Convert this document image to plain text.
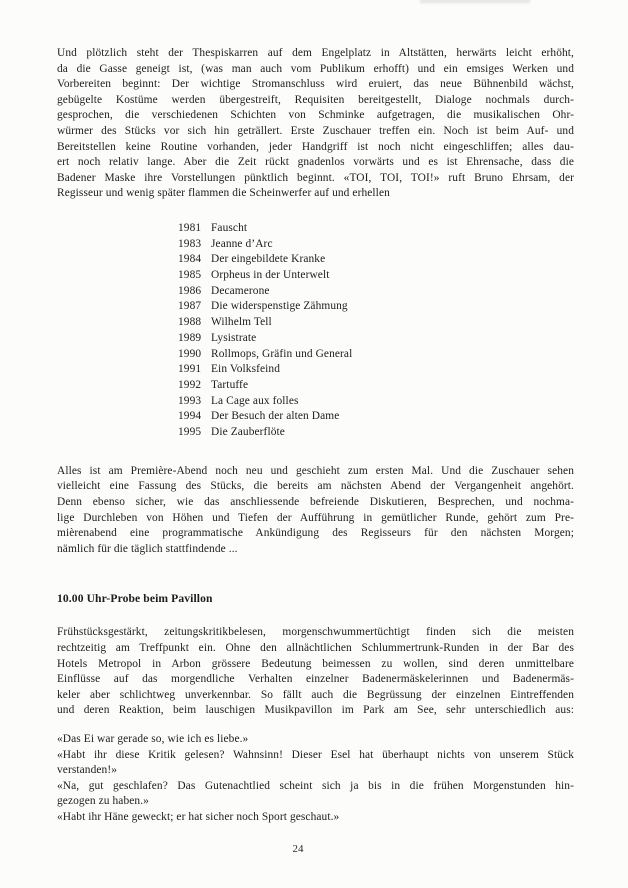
Und plötzlich steht der Thespiskarren auf dem Engelplatz in Altstätten, herwärts leicht erhöht,
da die Gasse geneigt ist, (was man auch vom Publikum erhofft) und ein emsiges Werken und
Vorbereiten beginnt: Der wichtige Stromanschluss wird eruiert, das neue Bühnenbild wächst,
gebügelte Kostüme werden übergestreift, Requisiten bereitgestellt, Dialoge nochmals durch-
gesprochen, die verschiedenen Schichten von Schminke aufgetragen, die musikalischen Ohr-
würmer des Stücks vor sich hin geträllert. Erste Zuschauer treffen ein. Noch ist beim Auf- und
Bereitstellen keine Routine vorhanden, jeder Handgriff ist noch nicht eingeschliffen; alles dau-
ert noch relativ lange. Aber die Zeit rückt gnadenlos vorwärts und es ist Ehrensache, dass die
Badener Maske ihre Vorstellungen pünktlich beginnt. «TOI, TOI, TOI!» ruft Bruno Ehrsam, der
Regisseur und wenig später flammen die Scheinwerfer auf und erhellen
1981 Fauscht
1983 Jeanne d’Arc
1984 Der eingebildete Kranke
1985 Orpheus in der Unterwelt
1986 Decamerone
1987 Die widerspenstige Zähmung
1988 Wilhelm Tell
1989 Lysistrate
1990 Rollmops, Gräfin und General
1991 Ein Volksfeind
1992 Tartuffe
1993 La Cage aux folles
1994 Der Besuch der alten Dame
1995 Die Zauberflöte
Alles ist am Première-Abend noch neu und geschieht zum ersten Mal. Und die Zuschauer sehen
vielleicht eine Fassung des Stücks, die bereits am nächsten Abend der Vergangenheit angehört.
Denn ebenso sicher, wie das anschliessende befreiende Diskutieren, Besprechen, und nochma-
lige Durchleben von Höhen und Tiefen der Aufführung in gemütlicher Runde, gehört zum Pre-
mièrenabend eine programmatische Ankündigung des Regisseurs für den nächsten Morgen;
nämlich für die täglich stattfindende ...
10.00 Uhr-Probe beim Pavillon
Frühstücksgestärkt, zeitungskritikbelesen, morgenschwummertüchtigt finden sich die meisten
rechtzeitig am Treffpunkt ein. Ohne den allnächtlichen Schlummertrunk-Runden in der Bar des
Hotels Metropol in Arbon grössere Bedeutung beimessen zu wollen, sind deren unmittelbare
Einflüsse auf das morgendliche Verhalten einzelner Badenermäskelerinnen und Badenermäs-
keler aber schlichtweg unverkennbar. So fällt auch die Begrüssung der einzelnen Eintreffenden
und deren Reaktion, beim lauschigen Musikpavillon im Park am See, sehr unterschiedlich aus:
«Das Ei war gerade so, wie ich es liebe.»
«Habt ihr diese Kritik gelesen? Wahnsinn! Dieser Esel hat überhaupt nichts von unserem Stück
verstanden!»
«Na, gut geschlafen? Das Gutenachtlied scheint sich ja bis in die frühen Morgenstunden hin-
gezogen zu haben.»
«Habt ihr Häne geweckt; er hat sicher noch Sport geschaut.»
24
